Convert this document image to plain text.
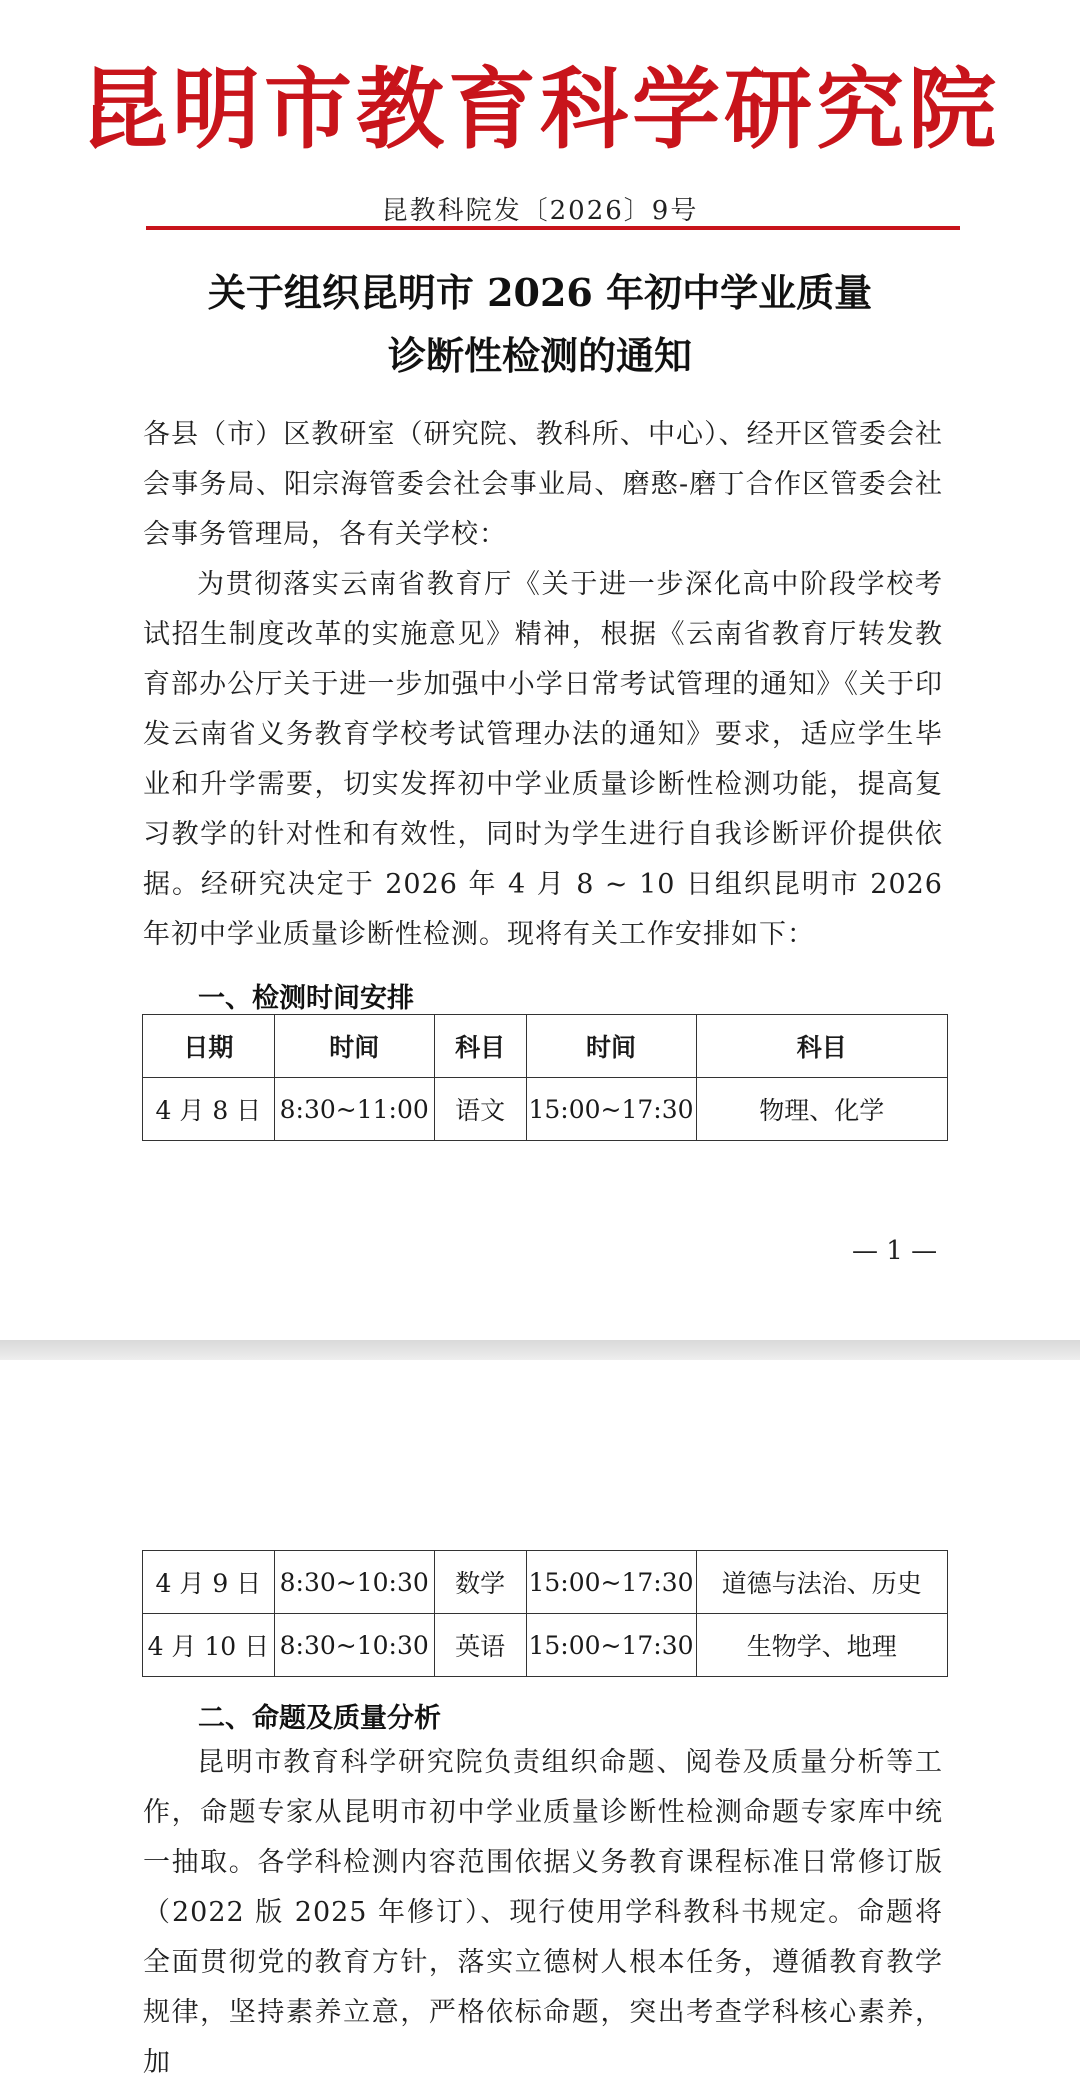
昆明市教育科学研究院
昆教科院发〔2026〕9号
关于组织昆明市 2026 年初中学业质量
诊断性检测的通知
各县（市）区教研室（研究院、教科所、中心）、经开区管委会社会事务局、阳宗海管委会社会事业局、磨憨-磨丁合作区管委会社会事务管理局，各有关学校：
为贯彻落实云南省教育厅《关于进一步深化高中阶段学校考试招生制度改革的实施意见》精神，根据《云南省教育厅转发教育部办公厅关于进一步加强中小学日常考试管理的通知》《关于印发云南省义务教育学校考试管理办法的通知》要求，适应学生毕业和升学需要，切实发挥初中学业质量诊断性检测功能，提高复习教学的针对性和有效性，同时为学生进行自我诊断评价提供依据。经研究决定于 2026 年 4 月 8 ~ 10 日组织昆明市 2026 年初中学业质量诊断性检测。现将有关工作安排如下：
一、检测时间安排
日期	时间	科目	时间	科目
4 月 8 日	8:30~11:00	语文	15:00~17:30	物理、化学
— 1 —
4 月 9 日	8:30~10:30	数学	15:00~17:30	道德与法治、历史
4 月 10 日	8:30~10:30	英语	15:00~17:30	生物学、地理
二、命题及质量分析
昆明市教育科学研究院负责组织命题、阅卷及质量分析等工作，命题专家从昆明市初中学业质量诊断性检测命题专家库中统一抽取。各学科检测内容范围依据义务教育课程标准日常修订版（2022 版 2025 年修订）、现行使用学科教科书规定。命题将全面贯彻党的教育方针，落实立德树人根本任务，遵循教育教学规律，坚持素养立意，严格依标命题，突出考查学科核心素养，加
